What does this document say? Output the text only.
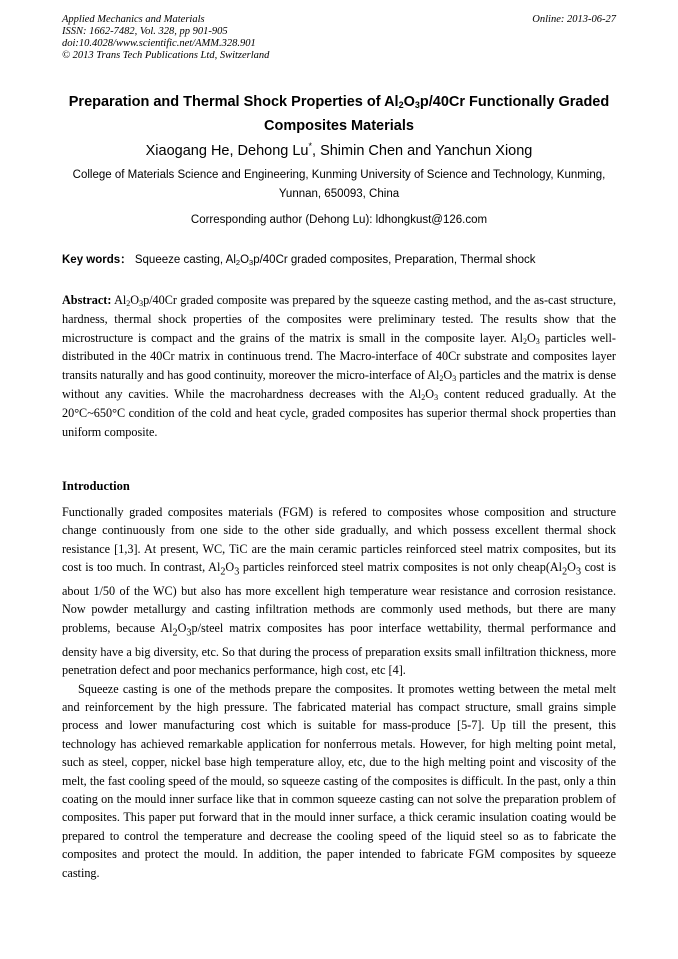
Applied Mechanics and Materials
ISSN: 1662-7482, Vol. 328, pp 901-905
doi:10.4028/www.scientific.net/AMM.328.901
© 2013 Trans Tech Publications Ltd, Switzerland
Online: 2013-06-27
Preparation and Thermal Shock Properties of $Al_2O_3p/40Cr$ Functionally Graded Composites Materials
Xiaogang He, Dehong Lu*, Shimin Chen and Yanchun Xiong
College of Materials Science and Engineering, Kunming University of Science and Technology, Kunming, Yunnan, 650093, China
Corresponding author (Dehong Lu): ldhongkust@126.com
Key words： Squeeze casting, $Al_2O_3p/40Cr$ graded composites, Preparation, Thermal shock
Abstract: $Al_2O_3p/40Cr$ graded composite was prepared by the squeeze casting method, and the as-cast structure, hardness, thermal shock properties of the composites were preliminary tested. The results show that the microstructure is compact and the grains of the matrix is small in the composite layer. $Al_2O_3$ particles well-distributed in the 40Cr matrix in continuous trend. The Macro-interface of 40Cr substrate and composites layer transits naturally and has good continuity, moreover the micro-interface of $Al_2O_3$ particles and the matrix is dense without any cavities. While the macrohardness decreases with the $Al_2O_3$ content reduced gradually. At the 20°C~650°C condition of the cold and heat cycle, graded composites has superior thermal shock properties than uniform composite.
Introduction

Functionally graded composites materials (FGM) is refered to composites whose composition and structure change continuously from one side to the other side gradually, and which possess excellent thermal shock resistance [1,3]. At present, WC, TiC are the main ceramic particles reinforced steel matrix composites, but its cost is too much. In contrast, $Al_2O_3$ particles reinforced steel matrix composites is not only $cheap(Al_2O_3$ cost is about 1/50 of the WC) but also has more excellent high temperature wear resistance and corrosion resistance. Now powder metallurgy and casting infiltration methods are commonly used methods, but there are many problems, because $Al_2O_3p$/steel matrix composites has poor interface wettability, thermal performance and density have a big diversity, etc. So that during the process of preparation exsits small infiltration thickness, more penetration defect and poor mechanics performance, high cost, etc [4].

Squeeze casting is one of the methods prepare the composites. It promotes wetting between the metal melt and reinforcement by the high pressure. The fabricated material has compact structure, small grains simple process and lower manufacturing cost which is suitable for mass-produce [5-7]. Up till the present, this technology has achieved remarkable application for nonferrous metals. However, for high melting point metal, such as steel, copper, nickel base high temperature alloy, etc, due to the high melting point and viscosity of the melt, the fast cooling speed of the mould, so squeeze casting of the composites is difficult. In the past, only a thin coating on the mould inner surface like that in common squeeze casting can not solve the preparation problem of composites. This paper put forward that in the mould inner surface, a thick ceramic insulation coating would be prepared to control the temperature and decrease the cooling speed of the liquid steel so as to fabricate the composites and protect the mould. In addition, the paper intended to fabricate FGM composites by squeeze casting.
